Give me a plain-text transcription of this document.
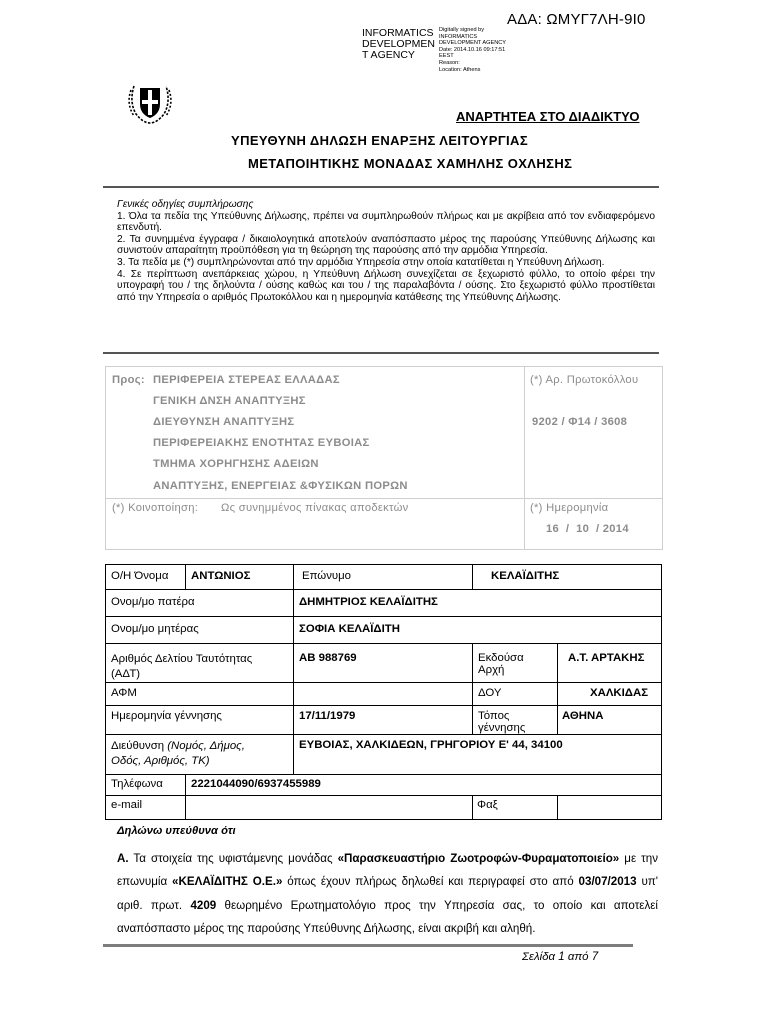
ΑΔΑ: ΩΜΥΓ7ΛΗ-9Ι0
INFORMATICS DEVELOPMEN T AGENCY
Digitally signed by
INFORMATICS
DEVELOPMENT AGENCY
Date: 2014.10.16 09:17:51
EEST
Reason:
Location: Athens
ΑΝΑΡΤΗΤΕΑ ΣΤΟ ΔΙΑΔΙΚΤΥΟ
ΥΠΕΥΘΥΝΗ ΔΗΛΩΣΗ ΕΝΑΡΞΗΣ ΛΕΙΤΟΥΡΓΙΑΣ
ΜΕΤΑΠΟΙΗΤΙΚΗΣ ΜΟΝΑΔΑΣ ΧΑΜΗΛΗΣ ΟΧΛΗΣΗΣ
Γενικές οδηγίες συμπλήρωσης

1. Όλα τα πεδία της Υπεύθυνης Δήλωσης, πρέπει να συμπληρωθούν πλήρως και με ακρίβεια από τον ενδιαφερόμενο επενδυτή.

2. Τα συνημμένα έγγραφα / δικαιολογητικά αποτελούν αναπόσπαστο μέρος της παρούσης Υπεύθυνης Δήλωσης και συνιστούν απαραίτητη προϋπόθεση για τη θεώρηση της παρούσης από την αρμόδια Υπηρεσία.

3. Τα πεδία με (*) συμπληρώνονται από την αρμόδια Υπηρεσία στην οποία κατατίθεται η Υπεύθυνη Δήλωση.

4. Σε περίπτωση ανεπάρκειας χώρου, η Υπεύθυνη Δήλωση συνεχίζεται σε ξεχωριστό φύλλο, το οποίο φέρει την υπογραφή του / της δηλούντα / ούσης καθώς και του / της παραλαβόντα / ούσης. Στο ξεχωριστό φύλλο προστίθεται από την Υπηρεσία ο αριθμός Πρωτοκόλλου και η ημερομηνία κατάθεσης της Υπεύθυνης Δήλωσης.

Προς: ΠΕΡΙΦΕΡΕΙΑ ΣΤΕΡΕΑΣ ΕΛΛΑΔΑΣ
ΓΕΝΙΚΗ ΔΝΣΗ ΑΝΑΠΤΥΞΗΣ
ΔΙΕΥΘΥΝΣΗ ΑΝΑΠΤΥΞΗΣ
ΠΕΡΙΦΕΡΕΙΑΚΗΣ ΕΝΟΤΗΤΑΣ ΕΥΒΟΙΑΣ
ΤΜΗΜΑ ΧΟΡΗΓΗΣΗΣ ΑΔΕΙΩΝ
ΑΝΑΠΤΥΞΗΣ, ΕΝΕΡΓΕΙΑΣ &ΦΥΣΙΚΩΝ ΠΟΡΩΝ
(*) Κοινοποίηση: Ως συνημμένος πίνακας αποδεκτών
(*) Αρ. Πρωτοκόλλου
9202 / Φ14 / 3608
(*) Ημερομηνία
16  /  10  / 2014
Ο/Η Όνομα	ΑΝΤΩΝΙΟΣ	Επώνυμο	ΚΕΛΑΪΔΙΤΗΣ	
Ονομ/μο πατέρα		ΔΗΜΗΤΡΙΟΣ ΚΕΛΑΪΔΙΤΗΣ		
Ονομ/μο μητέρας		ΣΟΦΙΑ ΚΕΛΑΪΔΙΤΗ		

Αριθμός Δελτίου Ταυτότητας
(ΑΔΤ)		ΑΒ 988769	Εκδούσα Αρχή	Α.Τ. ΑΡΤΑΚΗΣ
ΑΦΜ			ΔΟΥ	ΧΑΛΚΙΔΑΣ
Ημερομηνία γέννησης		17/11/1979	Τόπος γέννησης	ΑΘΗΝΑ

Διεύθυνση (Νομός, Δήμος,
Οδός, Αριθμός, ΤΚ)		ΕΥΒΟΙΑΣ, ΧΑΛΚΙΔΕΩΝ, ΓΡΗΓΟΡΙΟΥ Ε' 44, 34100		
Τηλέφωνα	2221044090/6937455989			
e-mail			Φαξ	
Δηλώνω υπεύθυνα ότι
Α. Τα στοιχεία της υφιστάμενης μονάδας «Παρασκευαστήριο Ζωοτροφών-Φυραματοποιείο» με την επωνυμία «ΚΕΛΑΪΔΙΤΗΣ Ο.Ε.» όπως έχουν πλήρως δηλωθεί και περιγραφεί στο από 03/07/2013 υπ' αριθ. πρωτ. 4209 θεωρημένο Ερωτηματολόγιο προς την Υπηρεσία σας, το οποίο και αποτελεί αναπόσπαστο μέρος της παρούσης Υπεύθυνης Δήλωσης, είναι ακριβή και αληθή.
Σελίδα 1 από 7
